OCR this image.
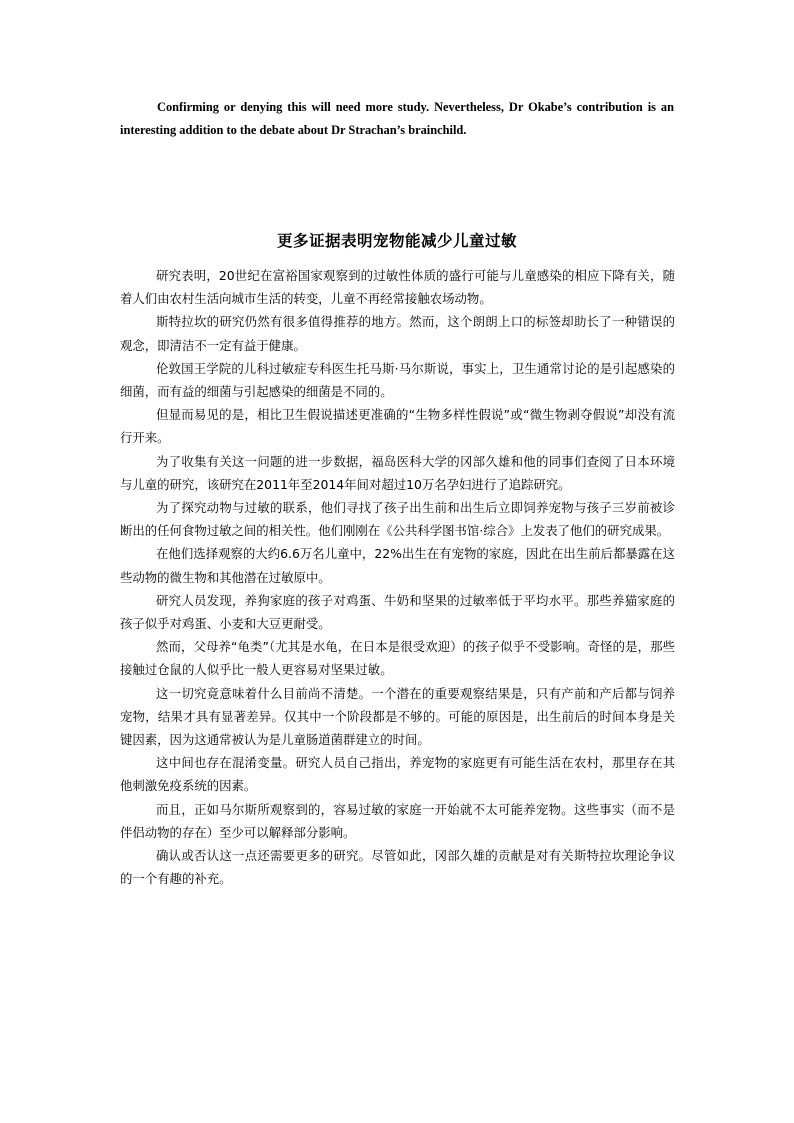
Confirming or denying this will need more study. Nevertheless, Dr Okabe’s contribution is an interesting addition to the debate about Dr Strachan’s brainchild.

更多证据表明宠物能减少儿童过敏

研究表明，20世纪在富裕国家观察到的过敏性体质的盛行可能与儿童感染的相应下降有关，随着人们由农村生活向城市生活的转变，儿童不再经常接触农场动物。

斯特拉坎的研究仍然有很多值得推荐的地方。然而，这个朗朗上口的标签却助长了一种错误的观念，即清洁不一定有益于健康。

伦敦国王学院的儿科过敏症专科医生托马斯·马尔斯说，事实上，卫生通常讨论的是引起感染的细菌，而有益的细菌与引起感染的细菌是不同的。

但显而易见的是，相比卫生假说描述更准确的“生物多样性假说”或“微生物剥夺假说”却没有流行开来。

为了收集有关这一问题的进一步数据，福岛医科大学的冈部久雄和他的同事们查阅了日本环境与儿童的研究，该研究在2011年至2014年间对超过10万名孕妇进行了追踪研究。

为了探究动物与过敏的联系，他们寻找了孩子出生前和出生后立即饲养宠物与孩子三岁前被诊断出的任何食物过敏之间的相关性。他们刚刚在《公共科学图书馆·综合》上发表了他们的研究成果。

在他们选择观察的大约6.6万名儿童中，22%出生在有宠物的家庭，因此在出生前后都暴露在这些动物的微生物和其他潜在过敏原中。

研究人员发现，养狗家庭的孩子对鸡蛋、牛奶和坚果的过敏率低于平均水平。那些养猫家庭的孩子似乎对鸡蛋、小麦和大豆更耐受。

然而，父母养“龟类”（尤其是水龟，在日本是很受欢迎）的孩子似乎不受影响。奇怪的是，那些接触过仓鼠的人似乎比一般人更容易对坚果过敏。

这一切究竟意味着什么目前尚不清楚。一个潜在的重要观察结果是，只有产前和产后都与饲养宠物，结果才具有显著差异。仅其中一个阶段都是不够的。可能的原因是，出生前后的时间本身是关键因素，因为这通常被认为是儿童肠道菌群建立的时间。

这中间也存在混淆变量。研究人员自己指出，养宠物的家庭更有可能生活在农村，那里存在其他刺激免疫系统的因素。

而且，正如马尔斯所观察到的，容易过敏的家庭一开始就不太可能养宠物。这些事实（而不是伴侣动物的存在）至少可以解释部分影响。

确认或否认这一点还需要更多的研究。尽管如此，冈部久雄的贡献是对有关斯特拉坎理论争议的一个有趣的补充。
